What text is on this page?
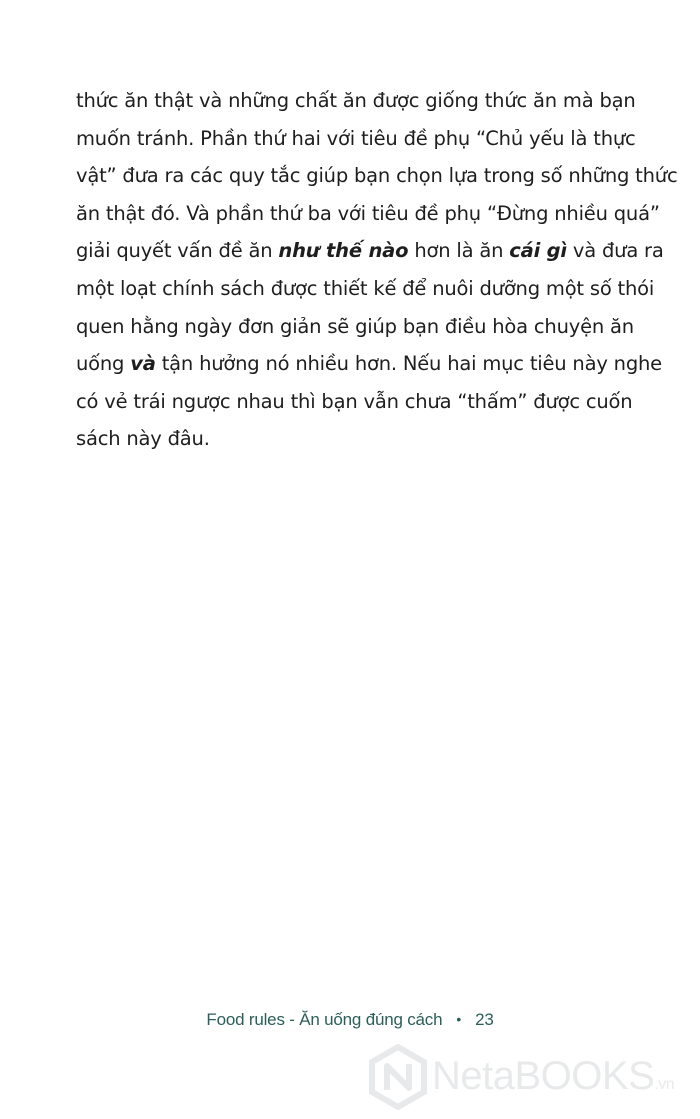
thức ăn thật và những chất ăn được giống thức ăn mà bạn
muốn tránh. Phần thứ hai với tiêu đề phụ “Chủ yếu là thực
vật” đưa ra các quy tắc giúp bạn chọn lựa trong số những thức
ăn thật đó. Và phần thứ ba với tiêu đề phụ “Đừng nhiều quá”
giải quyết vấn đề ăn như thế nào hơn là ăn cái gì và đưa ra
một loạt chính sách được thiết kế để nuôi dưỡng một số thói
quen hằng ngày đơn giản sẽ giúp bạn điều hòa chuyện ăn
uống và tận hưởng nó nhiều hơn. Nếu hai mục tiêu này nghe
có vẻ trái ngược nhau thì bạn vẫn chưa “thấm” được cuốn
sách này đâu.
Food rules - Ăn uống đúng cách • 23
NetaBOOKS.vn
